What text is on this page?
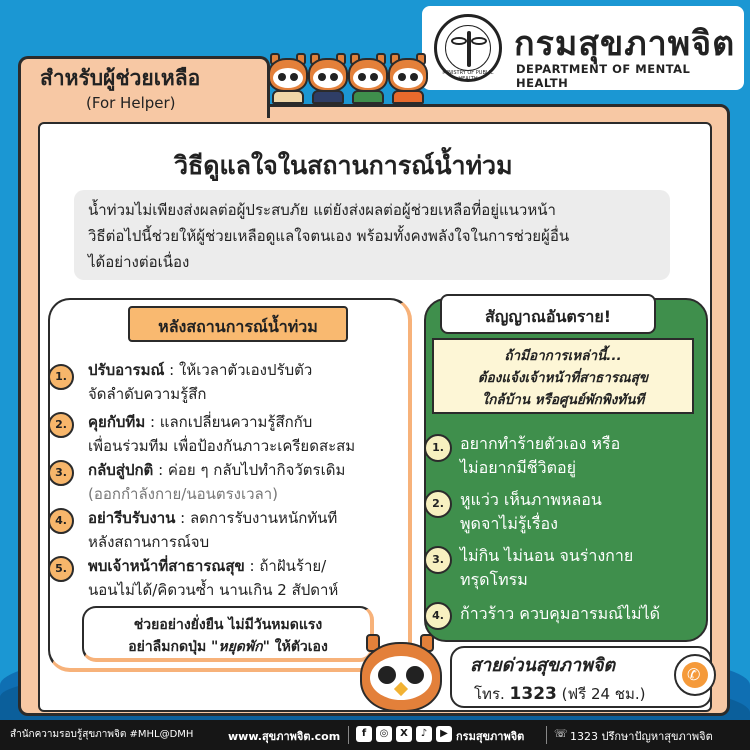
MINISTRY OF PUBLIC HEALTH
กรมสุขภาพจิต
DEPARTMENT OF MENTAL HEALTH
สำหรับผู้ช่วยเหลือ
(For Helper)
วิธีดูแลใจในสถานการณ์น้ำท่วม

น้ำท่วมไม่เพียงส่งผลต่อผู้ประสบภัย แต่ยังส่งผลต่อผู้ช่วยเหลือที่อยู่แนวหน้า

วิธีต่อไปนี้ช่วยให้ผู้ช่วยเหลือดูแลใจตนเอง พร้อมทั้งคงพลังใจในการช่วยผู้อื่น

ได้อย่างต่อเนื่อง

หลังสถานการณ์น้ำท่วม
1.	ปรับอารมณ์ : ให้เวลาตัวเองปรับตัว
จัดลำดับความรู้สึก
2.	คุยกับทีม : แลกเปลี่ยนความรู้สึกกับ
เพื่อนร่วมทีม เพื่อป้องกันภาวะเครียดสะสม
3.	กลับสู่ปกติ : ค่อย ๆ กลับไปทำกิจวัตรเดิม
(ออกกำลังกาย/นอนตรงเวลา)
4.	อย่ารีบรับงาน : ลดการรับงานหนักทันที
หลังสถานการณ์จบ
5.	พบเจ้าหน้าที่สาธารณสุข : ถ้าฝันร้าย/
นอนไม่ได้/คิดวนซ้ำ นานเกิน 2 สัปดาห์

ช่วยอย่างยั่งยืน ไม่มีวันหมดแรง

อย่าลืมกดปุ่ม "หยุดพัก" ให้ตัวเอง

สัญญาณอันตราย!

ถ้ามีอาการเหล่านี้...

ต้องแจ้งเจ้าหน้าที่สาธารณสุข

ใกล้บ้าน หรือศูนย์พักพิงทันที

1.	อยากทำร้ายตัวเอง หรือ
ไม่อยากมีชีวิตอยู่
2.	หูแว่ว เห็นภาพหลอน
พูดจาไม่รู้เรื่อง
3.	ไม่กิน ไม่นอน จนร่างกาย
ทรุดโทรม
4.	ก้าวร้าว ควบคุมอารมณ์ไม่ได้
สายด่วนสุขภาพจิต
โทร. 1323 (ฟรี 24 ชม.)
✆
สำนักความรอบรู้สุขภาพจิต #MHL@DMH	www.สุขภาพจิต.com	f	◎	X	♪	▶ กรมสุขภาพจิต	☏ 1323 ปรึกษาปัญหาสุขภาพจิต
